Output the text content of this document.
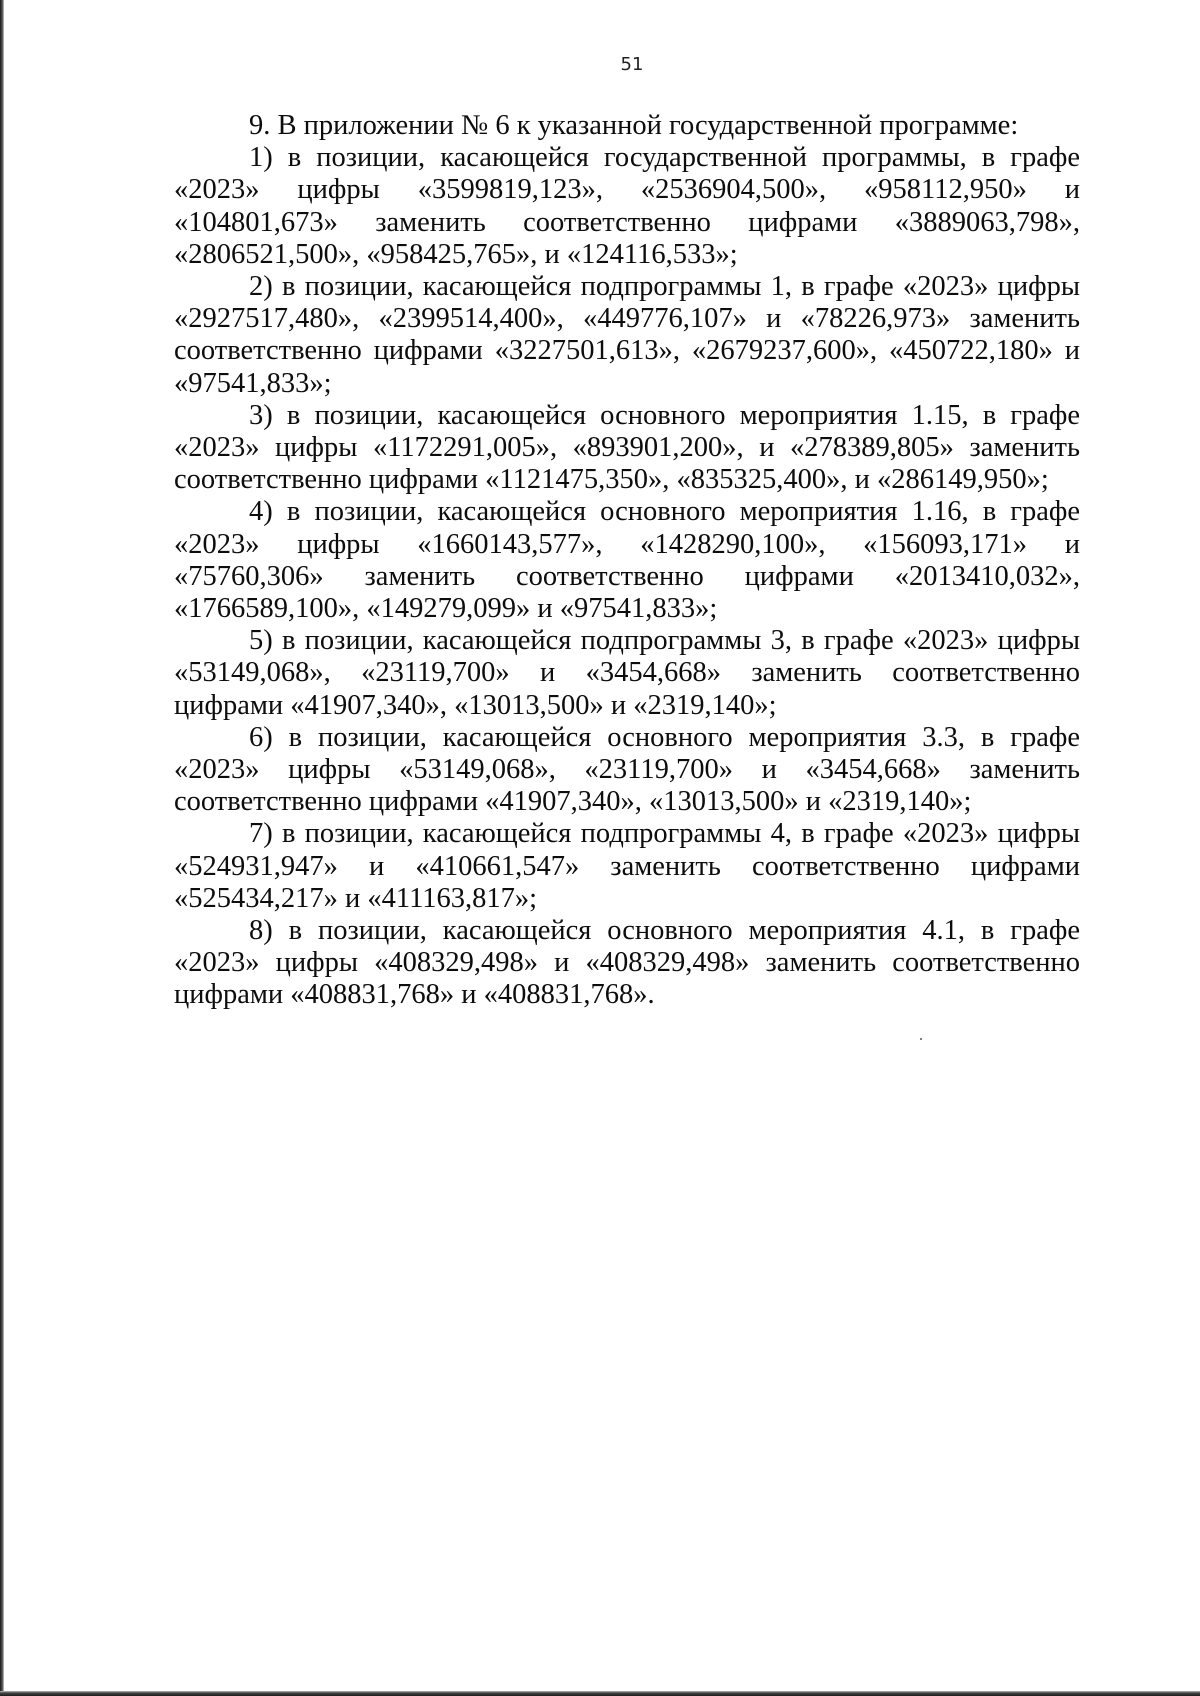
51

9. В приложении № 6 к указанной государственной программе:

1) в позиции, касающейся государственной программы, в графе «2023» цифры «3599819,123», «2536904,500», «958112,950» и «104801,673» заменить соответственно цифрами «3889063,798», «2806521,500», «958425,765», и «124116,533»;

2) в позиции, касающейся подпрограммы 1, в графе «2023» цифры «2927517,480», «2399514,400», «449776,107» и «78226,973» заменить соответственно цифрами «3227501,613», «2679237,600», «450722,180» и «97541,833»;

3) в позиции, касающейся основного мероприятия 1.15, в графе «2023» цифры «1172291,005», «893901,200», и «278389,805» заменить соответственно цифрами «1121475,350», «835325,400», и «286149,950»;

4) в позиции, касающейся основного мероприятия 1.16, в графе «2023» цифры «1660143,577», «1428290,100», «156093,171» и «75760,306» заменить соответственно цифрами «2013410,032», «1766589,100», «149279,099» и «97541,833»;

5) в позиции, касающейся подпрограммы 3, в графе «2023» цифры «53149,068», «23119,700» и «3454,668» заменить соответственно цифрами «41907,340», «13013,500» и «2319,140»;

6) в позиции, касающейся основного мероприятия 3.3, в графе «2023» цифры «53149,068», «23119,700» и «3454,668» заменить соответственно цифрами «41907,340», «13013,500» и «2319,140»;

7) в позиции, касающейся подпрограммы 4, в графе «2023» цифры «524931,947» и «410661,547» заменить соответственно цифрами «525434,217» и «411163,817»;

8) в позиции, касающейся основного мероприятия 4.1, в графе «2023» цифры «408329,498» и «408329,498» заменить соответственно цифрами «408831,768» и «408831,768».
